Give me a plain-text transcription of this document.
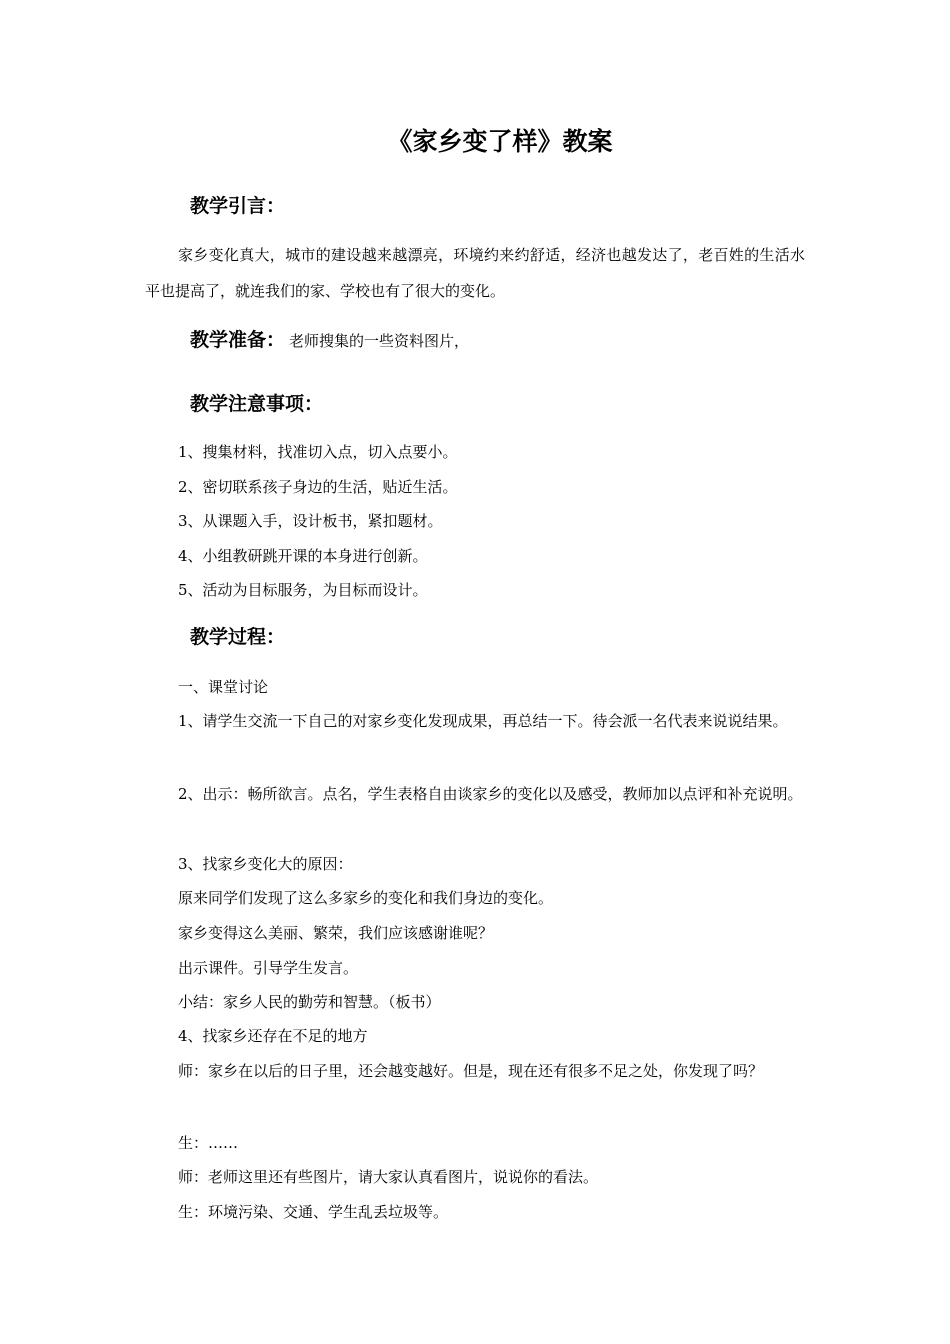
《家乡变了样》教案
教学引言：

家乡变化真大，城市的建设越来越漂亮，环境约来约舒适，经济也越发达了，老百姓的生活水平也提高了，就连我们的家、学校也有了很大的变化。

教学准备： 老师搜集的一些资料图片，
教学注意事项：
1、搜集材料，找准切入点，切入点要小。
2、密切联系孩子身边的生活，贴近生活。
3、从课题入手，设计板书，紧扣题材。
4、小组教研跳开课的本身进行创新。
5、活动为目标服务，为目标而设计。
教学过程：
一、课堂讨论

1、请学生交流一下自己的对家乡变化发现成果，再总结一下。待会派一名代表来说说结果。

2、出示：畅所欲言。点名，学生表格自由谈家乡的变化以及感受，教师加以点评和补充说明。

3、找家乡变化大的原因：
原来同学们发现了这么多家乡的变化和我们身边的变化。
家乡变得这么美丽、繁荣，我们应该感谢谁呢？
出示课件。引导学生发言。
小结：家乡人民的勤劳和智慧。（板书）
4、找家乡还存在不足的地方

师：家乡在以后的日子里，还会越变越好。但是，现在还有很多不足之处，你发现了吗？

生：……
师：老师这里还有些图片，请大家认真看图片，说说你的看法。
生：环境污染、交通、学生乱丢垃圾等。
